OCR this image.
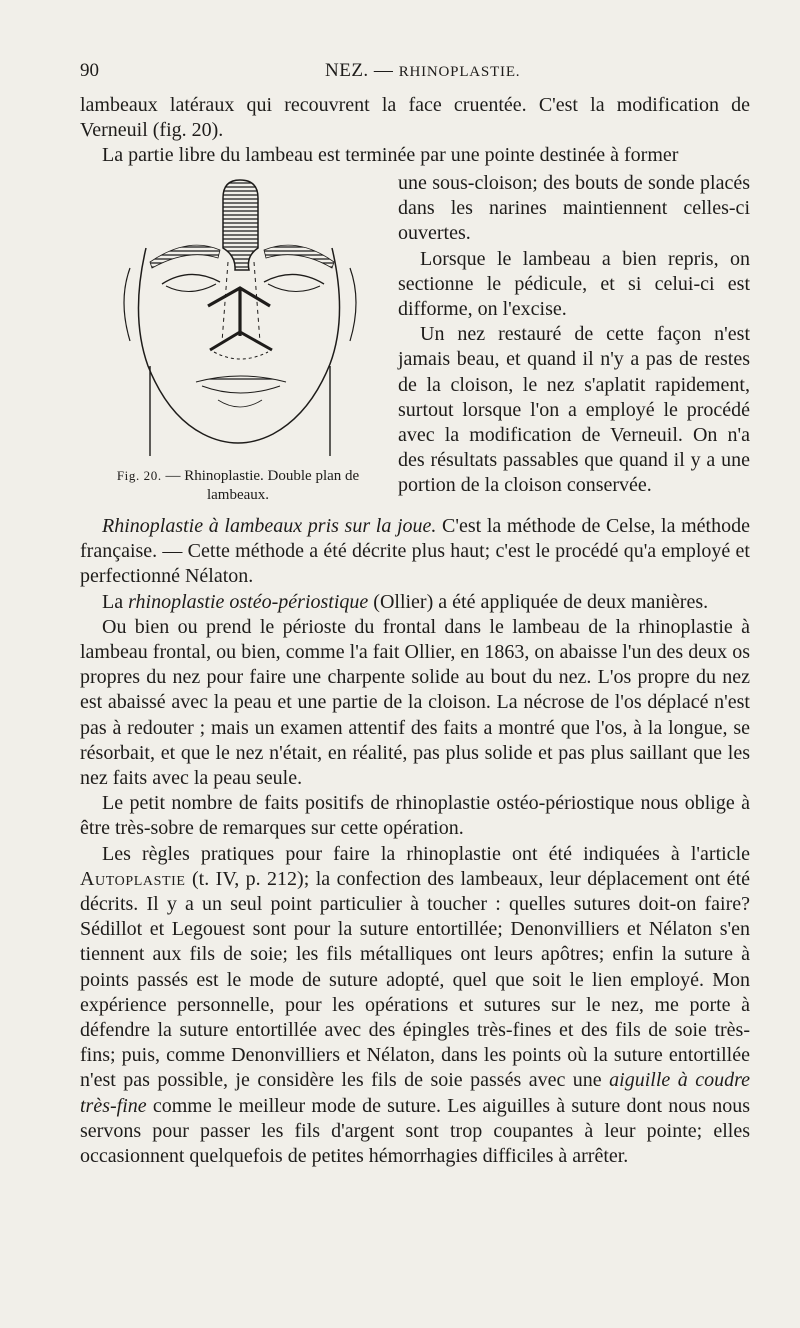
90	NEZ. — RHINOPLASTIE.

lambeaux latéraux qui recouvrent la face cruentée. C'est la modification de Verneuil (fig. 20).

La partie libre du lambeau est terminée par une pointe destinée à former

Fig. 20. — Rhinoplastie. Double plan de lambeaux.

une sous-cloison; des bouts de sonde placés dans les narines maintiennent celles-ci ouvertes.

Lorsque le lambeau a bien repris, on sectionne le pédicule, et si celui-ci est difforme, on l'excise.

Un nez restauré de cette façon n'est jamais beau, et quand il n'y a pas de restes de la cloison, le nez s'aplatit rapidement, surtout lorsque l'on a employé le procédé avec la modification de Verneuil. On n'a des résultats passables que quand il y a une portion de la cloison conservée.

Rhinoplastie à lambeaux pris sur la joue. C'est la méthode de Celse, la méthode française. — Cette méthode a été décrite plus haut; c'est le procédé qu'a employé et perfectionné Nélaton.

La rhinoplastie ostéo-périostique (Ollier) a été appliquée de deux manières.

Ou bien ou prend le périoste du frontal dans le lambeau de la rhinoplastie à lambeau frontal, ou bien, comme l'a fait Ollier, en 1863, on abaisse l'un des deux os propres du nez pour faire une charpente solide au bout du nez. L'os propre du nez est abaissé avec la peau et une partie de la cloison. La nécrose de l'os déplacé n'est pas à redouter ; mais un examen attentif des faits a montré que l'os, à la longue, se résorbait, et que le nez n'était, en réalité, pas plus solide et pas plus saillant que les nez faits avec la peau seule.

Le petit nombre de faits positifs de rhinoplastie ostéo-périostique nous oblige à être très-sobre de remarques sur cette opération.

Les règles pratiques pour faire la rhinoplastie ont été indiquées à l'article Autoplastie (t. IV, p. 212); la confection des lambeaux, leur déplacement ont été décrits. Il y a un seul point particulier à toucher : quelles sutures doit-on faire? Sédillot et Legouest sont pour la suture entortillée; Denonvilliers et Nélaton s'en tiennent aux fils de soie; les fils métalliques ont leurs apôtres; enfin la suture à points passés est le mode de suture adopté, quel que soit le lien employé. Mon expérience personnelle, pour les opérations et sutures sur le nez, me porte à défendre la suture entortillée avec des épingles très-fines et des fils de soie très-fins; puis, comme Denonvilliers et Nélaton, dans les points où la suture entortillée n'est pas possible, je considère les fils de soie passés avec une aiguille à coudre très-fine comme le meilleur mode de suture. Les aiguilles à suture dont nous nous servons pour passer les fils d'argent sont trop coupantes à leur pointe; elles occasionnent quelquefois de petites hémorrhagies difficiles à arrêter.
